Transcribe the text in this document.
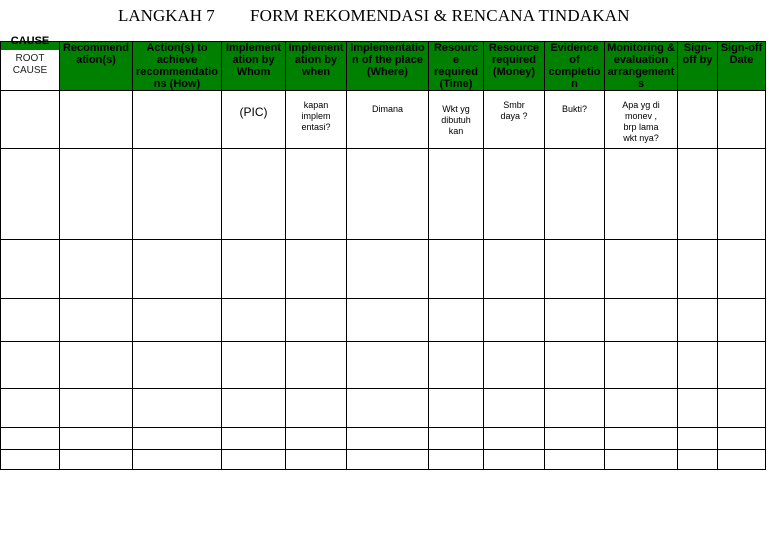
LANGKAH 7 FORM REKOMENDASI & RENCANA TINDAKAN

CAUSE

ROOT
CAUSE	Recommend
ation(s)	Action(s) to
achieve
recommendatio
ns (How)	Implement
ation by
Whom	Implement
ation by
when	Implementatio
n of the place
(Where)	Resourc
e
required
(Time)	Resource
required
(Money)	Evidence
of
completio
n	Monitoring &
evaluation
arrangement
s	Sign-
off by	Sign-off
Date
			(PIC)	kapan
implem
entasi?	Dimana	Wkt yg
dibutuh
kan	Smbr
daya ?	Bukti?	Apa yg di
monev ,
brp lama
wkt nya?		
